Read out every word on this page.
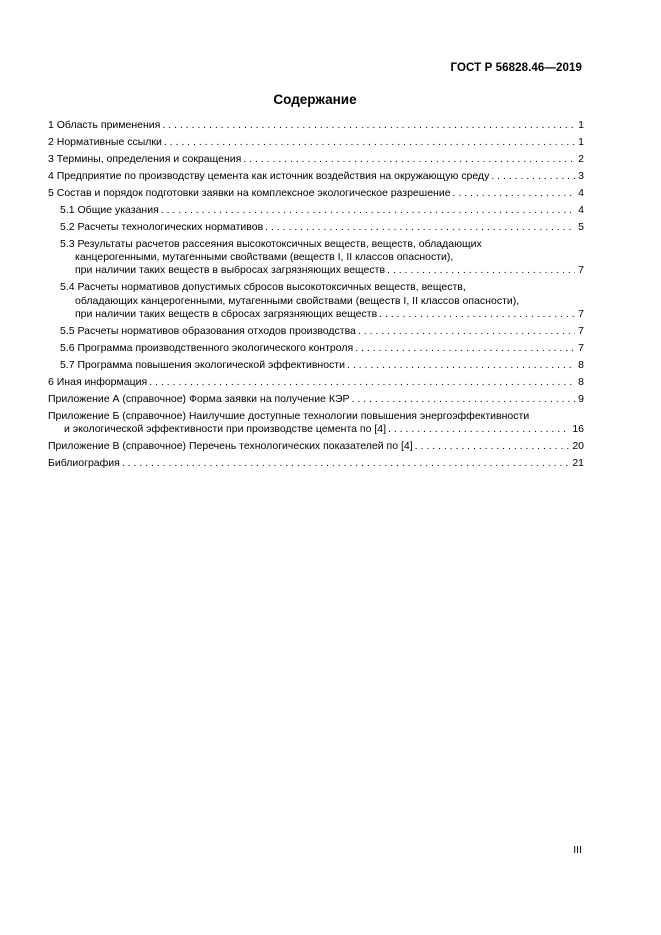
ГОСТ Р 56828.46—2019
Содержание
1 Область применения . . .	1
2 Нормативные ссылки . . .	1
3 Термины, определения и сокращения . . .	2
4 Предприятие по производству цемента как источник воздействия на окружающую среду . . .	3
5 Состав и порядок подготовки заявки на комплексное экологическое разрешение . . .	4
5.1 Общие указания . . .	4
5.2 Расчеты технологических нормативов . . .	5
5.3 Результаты расчетов рассеяния высокотоксичных веществ, веществ, обладающих
канцерогенными, мутагенными свойствами (веществ I, II классов опасности),
при наличии таких веществ в выбросах загрязняющих веществ . . .	7
5.4 Расчеты нормативов допустимых сбросов высокотоксичных веществ, веществ,
обладающих канцерогенными, мутагенными свойствами (веществ I, II классов опасности),
при наличии таких веществ в сбросах загрязняющих веществ . . .	7
5.5 Расчеты нормативов образования отходов производства . . .	7
5.6 Программа производственного экологического контроля . . .	7
5.7 Программа повышения экологической эффективности . . .	8
6 Иная информация . . .	8
Приложение А (справочное) Форма заявки на получение КЭР . . .	9
Приложение Б (справочное) Наилучшие доступные технологии повышения энергоэффективности
и экологической эффективности при производстве цемента по [4] . . .	16
Приложение В (справочное) Перечень технологических показателей по [4] . . .	20
Библиография . . .	21
III
